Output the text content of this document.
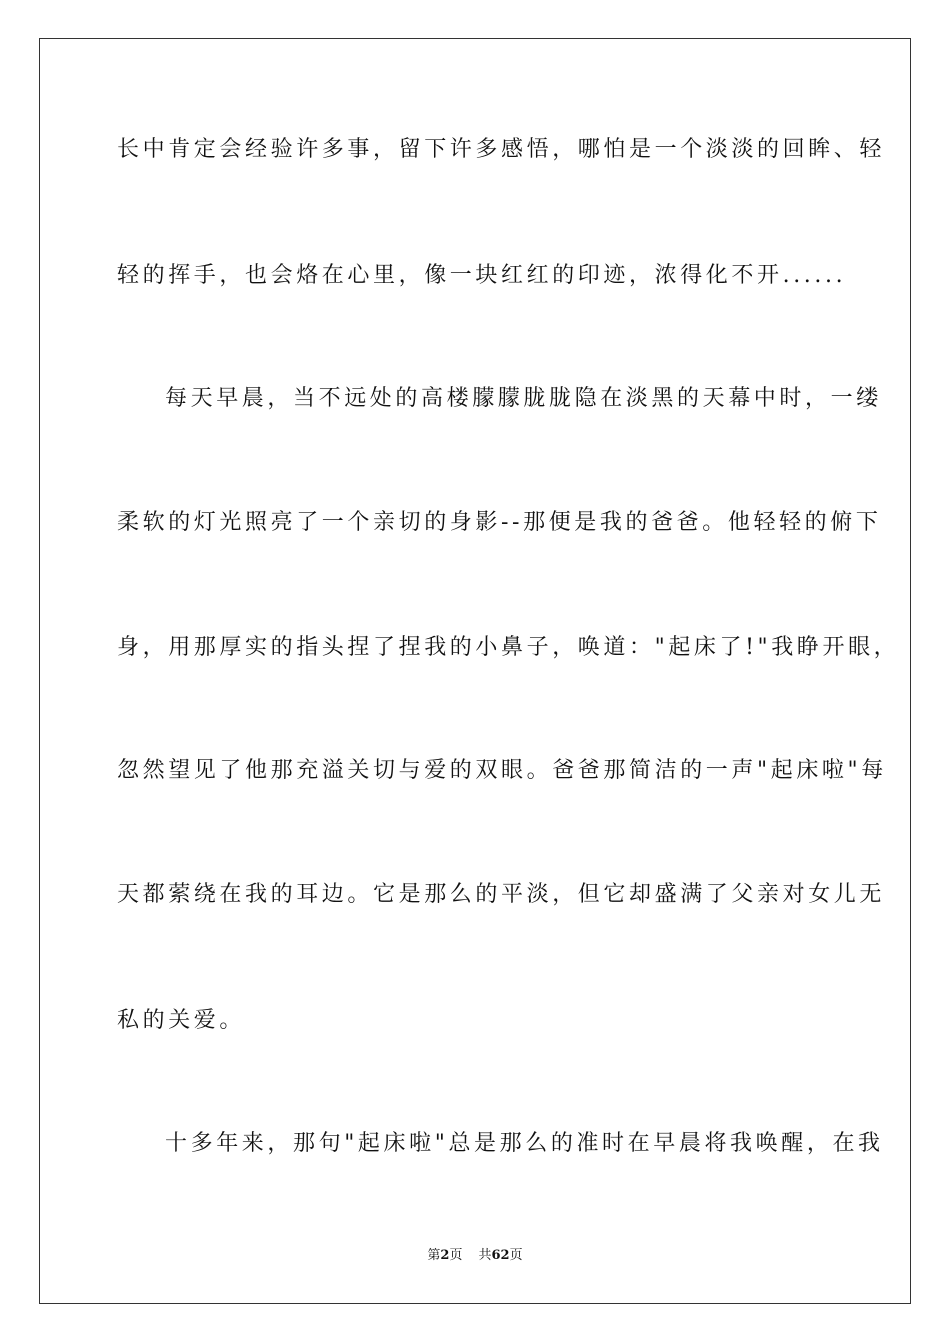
长中肯定会经验许多事，留下许多感悟，哪怕是一个淡淡的回眸、轻
轻的挥手，也会烙在心里，像一块红红的印迹，浓得化不开......
每天早晨，当不远处的高楼朦朦胧胧隐在淡黑的天幕中时，一缕
柔软的灯光照亮了一个亲切的身影--那便是我的爸爸。他轻轻的俯下
身，用那厚实的指头捏了捏我的小鼻子，唤道："起床了!"我睁开眼，
忽然望见了他那充溢关切与爱的双眼。爸爸那简洁的一声"起床啦"每
天都萦绕在我的耳边。它是那么的平淡，但它却盛满了父亲对女儿无
私的关爱。
十多年来，那句"起床啦"总是那么的准时在早晨将我唤醒，在我
第2页 共62页
